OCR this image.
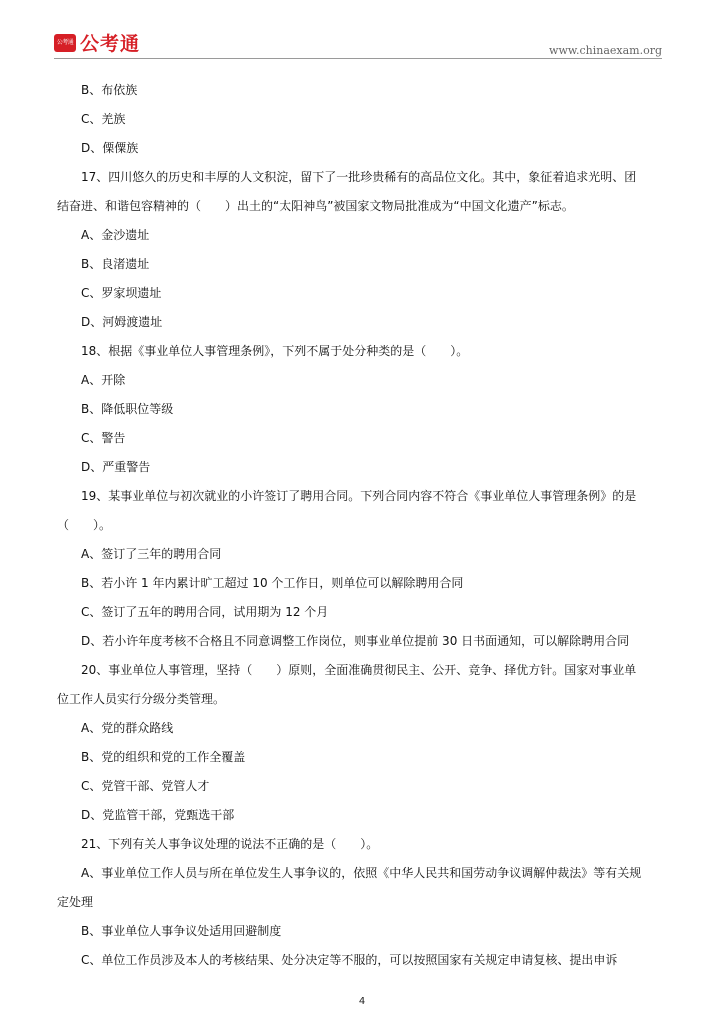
公考通 公考通	www.chinaexam.org
B、布依族
C、羌族
D、傈僳族
17、四川悠久的历史和丰厚的人文积淀，留下了一批珍贵稀有的高品位文化。其中，象征着追求光明、团
结奋进、和谐包容精神的（　　）出土的“太阳神鸟”被国家文物局批准成为“中国文化遗产”标志。
A、金沙遗址
B、良渚遗址
C、罗家坝遗址
D、河姆渡遗址
18、根据《事业单位人事管理条例》，下列不属于处分种类的是（　　）。
A、开除
B、降低职位等级
C、警告
D、严重警告
19、某事业单位与初次就业的小许签订了聘用合同。下列合同内容不符合《事业单位人事管理条例》的是
（　　）。
A、签订了三年的聘用合同
B、若小许 1 年内累计旷工超过 10 个工作日，则单位可以解除聘用合同
C、签订了五年的聘用合同，试用期为 12 个月
D、若小许年度考核不合格且不同意调整工作岗位，则事业单位提前 30 日书面通知，可以解除聘用合同
20、事业单位人事管理，坚持（　　）原则，全面准确贯彻民主、公开、竞争、择优方针。国家对事业单
位工作人员实行分级分类管理。
A、党的群众路线
B、党的组织和党的工作全覆盖
C、党管干部、党管人才
D、党监管干部，党甄选干部
21、下列有关人事争议处理的说法不正确的是（　　）。
A、事业单位工作人员与所在单位发生人事争议的，依照《中华人民共和国劳动争议调解仲裁法》等有关规
定处理
B、事业单位人事争议处适用回避制度
C、单位工作员涉及本人的考核结果、处分决定等不服的，可以按照国家有关规定申请复核、提出申诉
4
